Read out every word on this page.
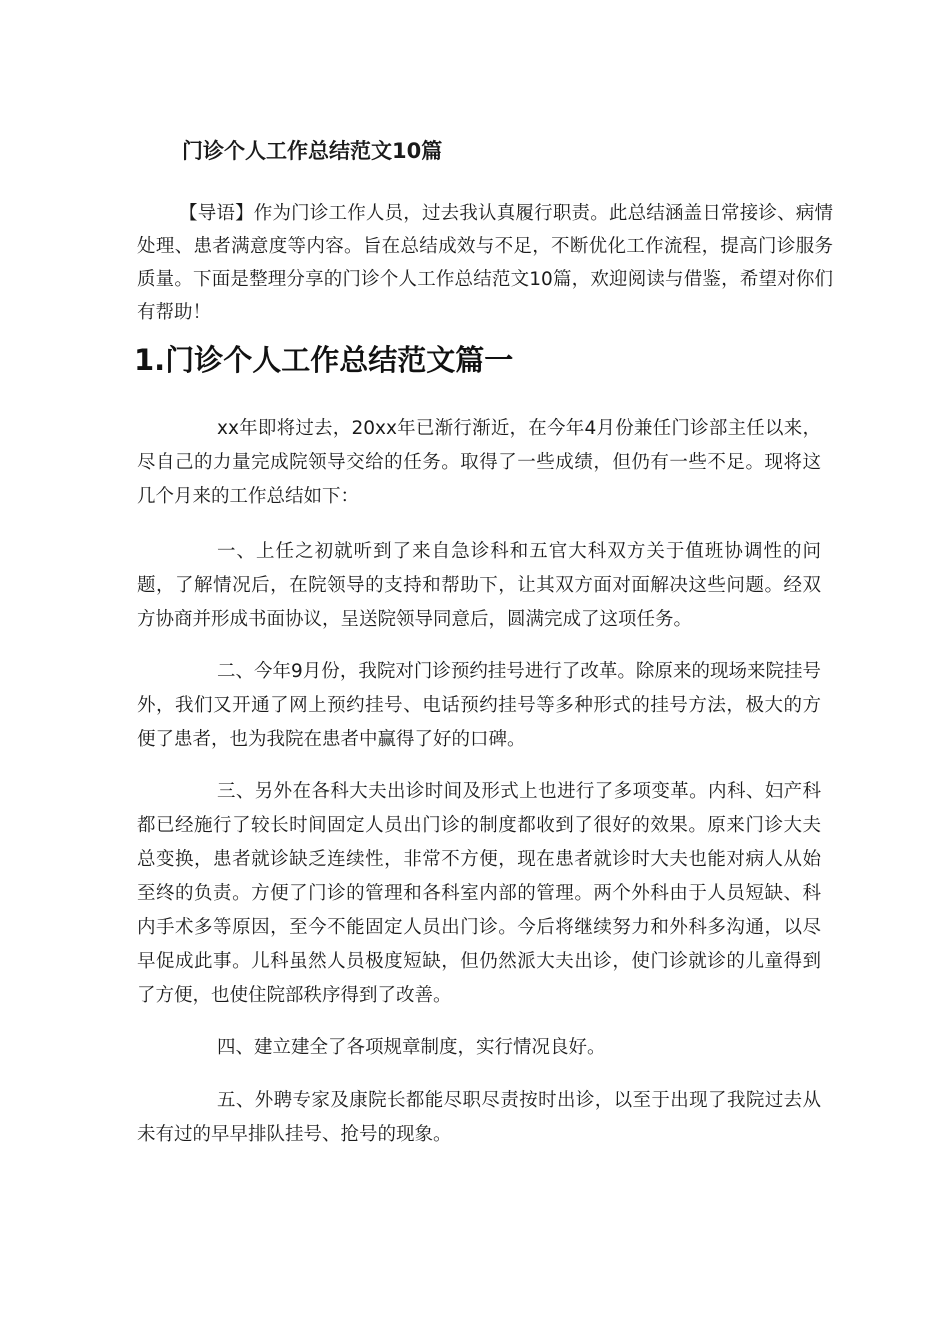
门诊个人工作总结范文10篇
【导语】作为门诊工作人员，过去我认真履行职责。此总结涵盖日常接诊、病情处理、患者满意度等内容。旨在总结成效与不足，不断优化工作流程，提高门诊服务质量。下面是整理分享的门诊个人工作总结范文10篇，欢迎阅读与借鉴，希望对你们有帮助！
1.门诊个人工作总结范文篇一

xx年即将过去，20xx年已渐行渐近，在今年4月份兼任门诊部主任以来，尽自己的力量完成院领导交给的任务。取得了一些成绩，但仍有一些不足。现将这几个月来的工作总结如下：

一、上任之初就听到了来自急诊科和五官大科双方关于值班协调性的问题，了解情况后，在院领导的支持和帮助下，让其双方面对面解决这些问题。经双方协商并形成书面协议，呈送院领导同意后，圆满完成了这项任务。

二、今年9月份，我院对门诊预约挂号进行了改革。除原来的现场来院挂号外，我们又开通了网上预约挂号、电话预约挂号等多种形式的挂号方法，极大的方便了患者，也为我院在患者中赢得了好的口碑。

三、另外在各科大夫出诊时间及形式上也进行了多项变革。内科、妇产科都已经施行了较长时间固定人员出门诊的制度都收到了很好的效果。原来门诊大夫总变换，患者就诊缺乏连续性，非常不方便，现在患者就诊时大夫也能对病人从始至终的负责。方便了门诊的管理和各科室内部的管理。两个外科由于人员短缺、科内手术多等原因，至今不能固定人员出门诊。今后将继续努力和外科多沟通，以尽早促成此事。儿科虽然人员极度短缺，但仍然派大夫出诊，使门诊就诊的儿童得到了方便，也使住院部秩序得到了改善。

四、建立建全了各项规章制度，实行情况良好。

五、外聘专家及康院长都能尽职尽责按时出诊，以至于出现了我院过去从未有过的早早排队挂号、抢号的现象。
